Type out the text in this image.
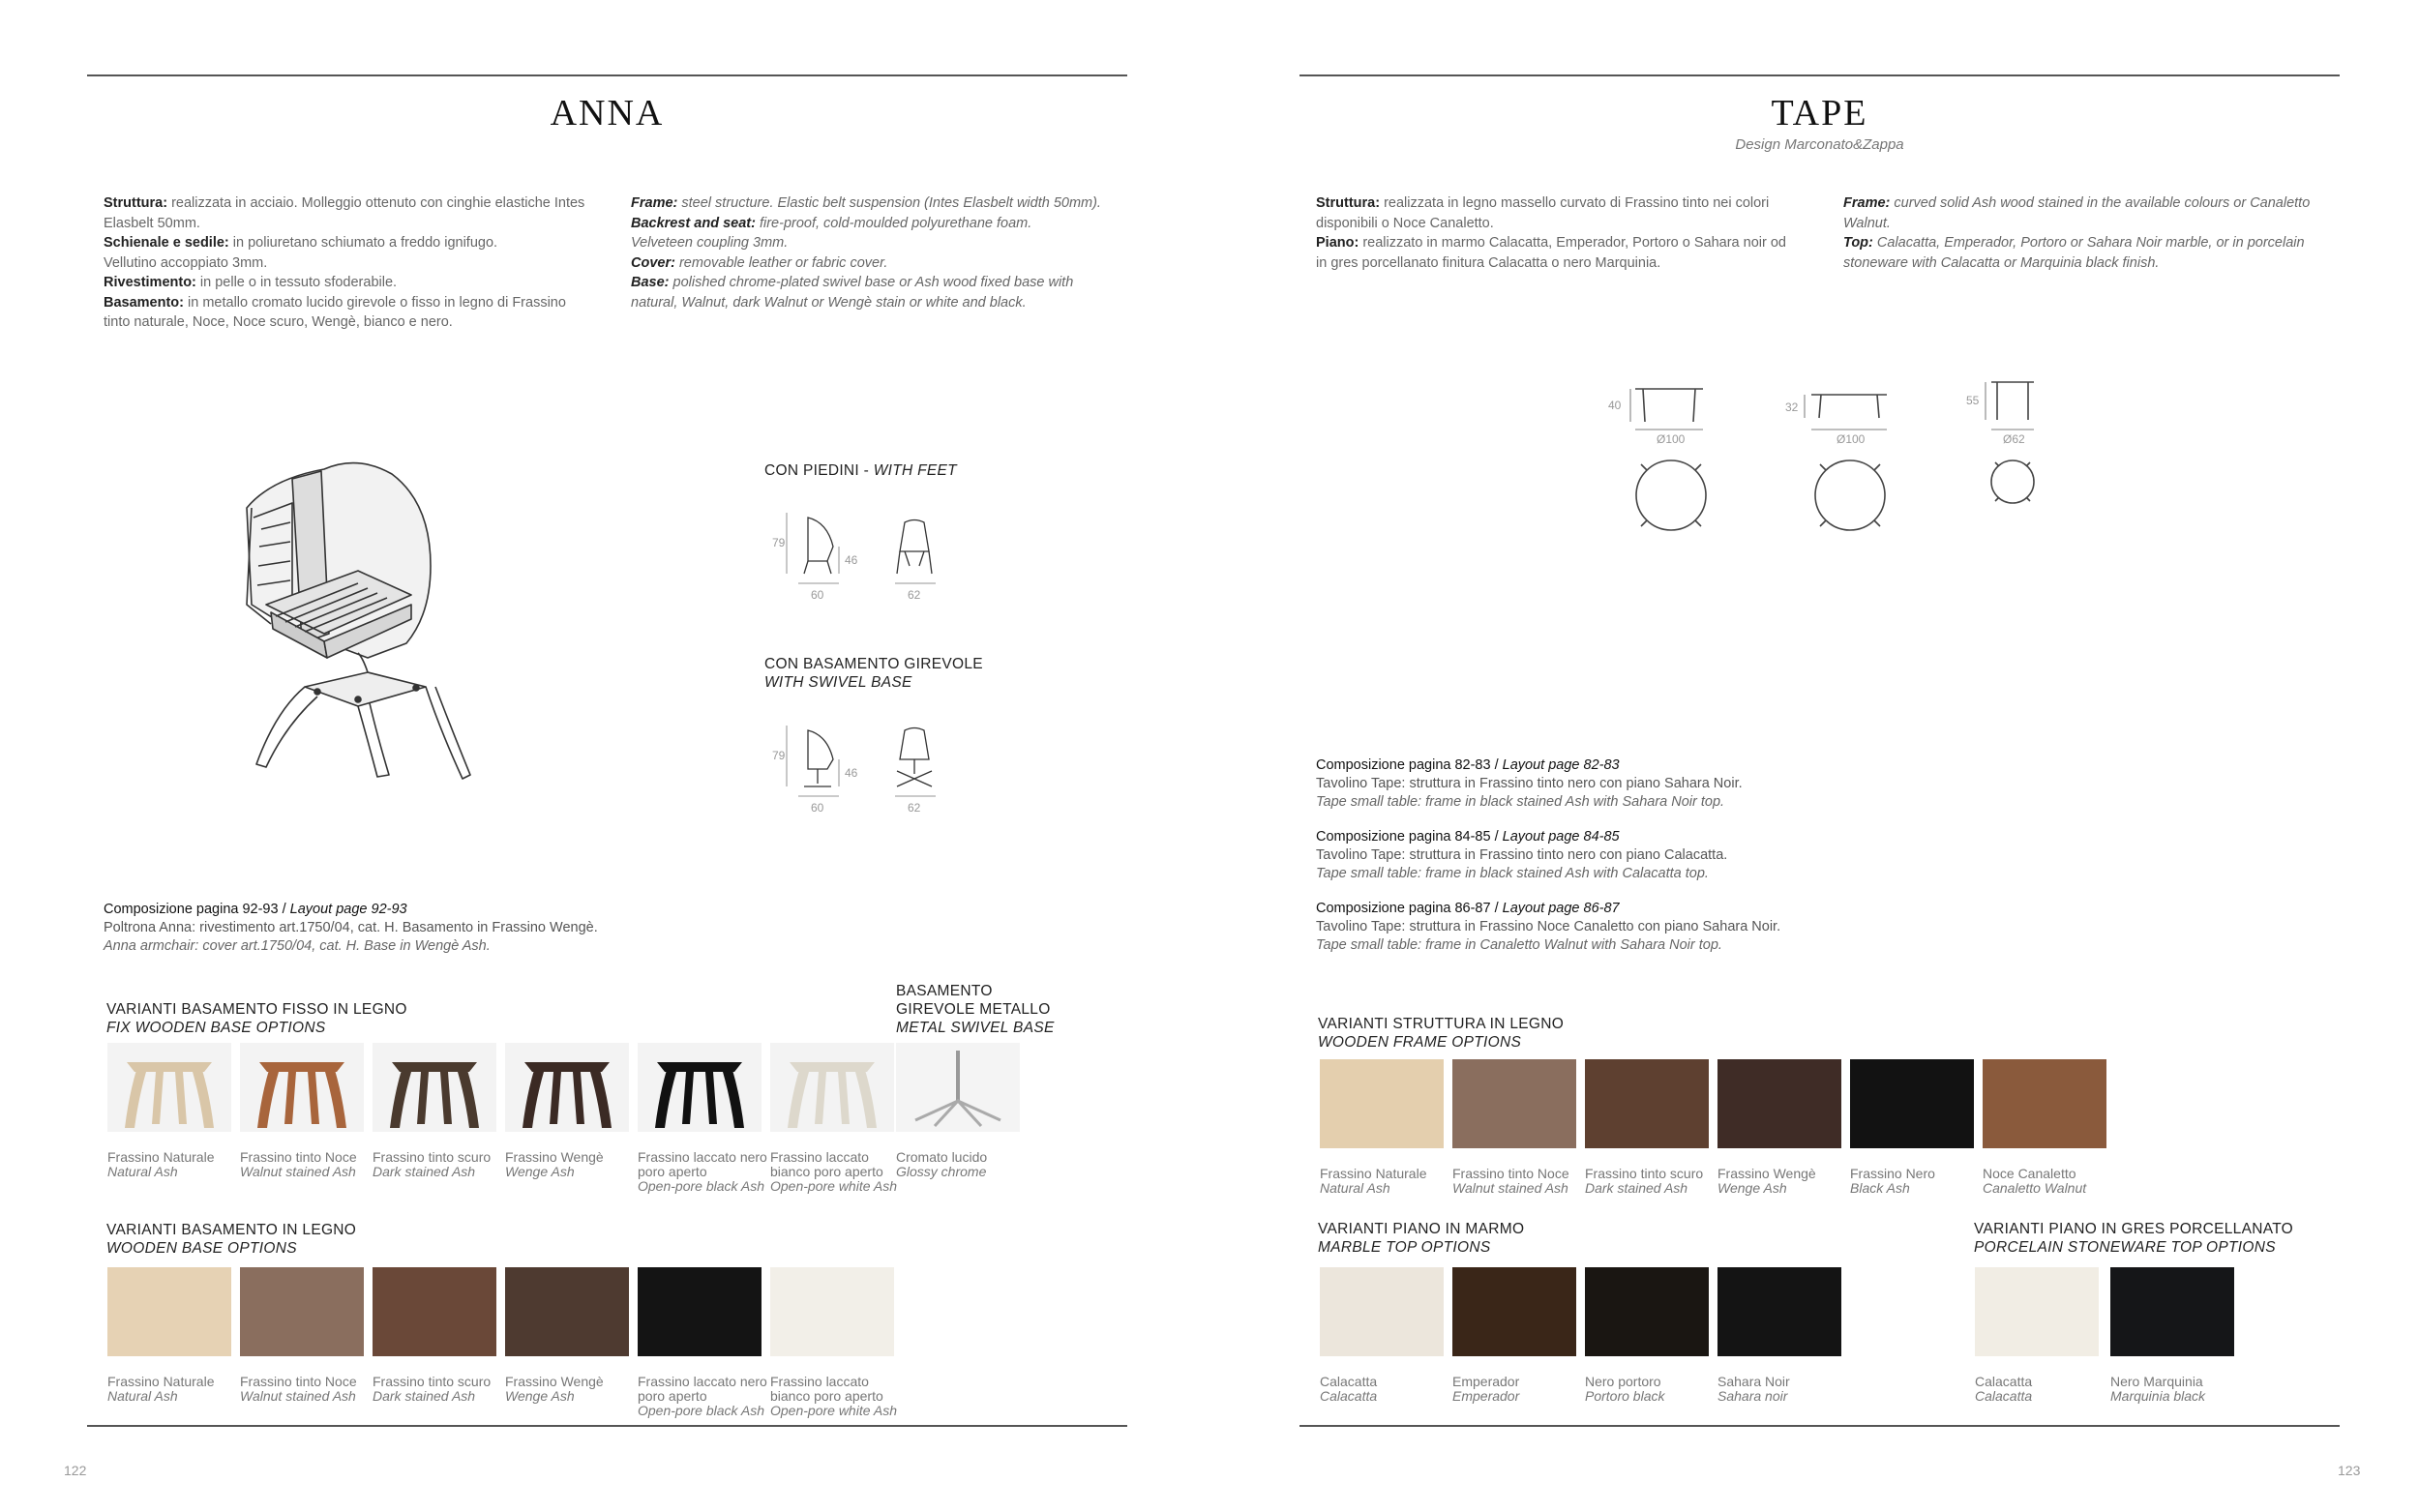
ANNA

Struttura: realizzata in acciaio. Molleggio ottenuto con cinghie elastiche Intes Elasbelt 50mm.

Schienale e sedile: in poliuretano schiumato a freddo ignifugo.

Vellutino accoppiato 3mm.

Rivestimento: in pelle o in tessuto sfoderabile.

Basamento: in metallo cromato lucido girevole o fisso in legno di Frassino tinto naturale, Noce, Noce scuro, Wengè, bianco e nero.

Frame: steel structure. Elastic belt suspension (Intes Elasbelt width 50mm).

Backrest and seat: fire-proof, cold-moulded polyurethane foam.

Velveteen coupling 3mm.

Cover: removable leather or fabric cover.

Base: polished chrome-plated swivel base or Ash wood fixed base with natural, Walnut, dark Walnut or Wengè stain or white and black.

CON PIEDINI - WITH FEET
79
46
60	62
CON BASAMENTO GIREVOLE
WITH SWIVEL BASE
79
46
60	62
Composizione pagina 92-93 / Layout page 92-93
Poltrona Anna: rivestimento art.1750/04, cat. H. Basamento in Frassino Wengè.
Anna armchair: cover art.1750/04, cat. H. Base in Wengè Ash.
VARIANTI BASAMENTO FISSO IN LEGNO
FIX WOODEN BASE OPTIONS
BASAMENTO
GIREVOLE METALLO
METAL SWIVEL BASE
Frassino Naturale
Natural Ash
Frassino tinto Noce
Walnut stained Ash
Frassino tinto scuro
Dark stained Ash
Frassino Wengè
Wenge Ash
Frassino laccato nero poro aperto
Open-pore black Ash
Frassino laccato bianco poro aperto
Open-pore white Ash
Cromato lucido
Glossy chrome
VARIANTI BASAMENTO IN LEGNO
WOODEN BASE OPTIONS
Frassino Naturale
Natural Ash
Frassino tinto Noce
Walnut stained Ash
Frassino tinto scuro
Dark stained Ash
Frassino Wengè
Wenge Ash
Frassino laccato nero poro aperto
Open-pore black Ash
Frassino laccato bianco poro aperto
Open-pore white Ash
122
TAPE
Design Marconato&Zappa

Struttura: realizzata in legno massello curvato di Frassino tinto nei colori disponibili o Noce Canaletto.

Piano: realizzato in marmo Calacatta, Emperador, Portoro o Sahara noir od in gres porcellanato finitura Calacatta o nero Marquinia.

Frame: curved solid Ash wood stained in the available colours or Canaletto Walnut.

Top: Calacatta, Emperador, Portoro or Sahara Noir marble, or in porcelain stoneware with Calacatta or Marquinia black finish.

40
Ø100
32
Ø100
55
Ø62
Composizione pagina 82-83 / Layout page 82-83
Tavolino Tape: struttura in Frassino tinto nero con piano Sahara Noir.
Tape small table: frame in black stained Ash with Sahara Noir top.
Composizione pagina 84-85 / Layout page 84-85
Tavolino Tape: struttura in Frassino tinto nero con piano Calacatta.
Tape small table: frame in black stained Ash with Calacatta top.
Composizione pagina 86-87 / Layout page 86-87
Tavolino Tape: struttura in Frassino Noce Canaletto con piano Sahara Noir.
Tape small table: frame in Canaletto Walnut with Sahara Noir top.
VARIANTI STRUTTURA IN LEGNO
WOODEN FRAME OPTIONS
Frassino Naturale
Natural Ash
Frassino tinto Noce
Walnut stained Ash
Frassino tinto scuro
Dark stained Ash
Frassino Wengè
Wenge Ash
Frassino Nero
Black Ash
Noce Canaletto
Canaletto Walnut
VARIANTI PIANO IN MARMO
MARBLE TOP OPTIONS
Calacatta
Calacatta
Emperador
Emperador
Nero portoro
Portoro black
Sahara Noir
Sahara noir
VARIANTI PIANO IN GRES PORCELLANATO
PORCELAIN STONEWARE TOP OPTIONS
Calacatta
Calacatta
Nero Marquinia
Marquinia black
123
